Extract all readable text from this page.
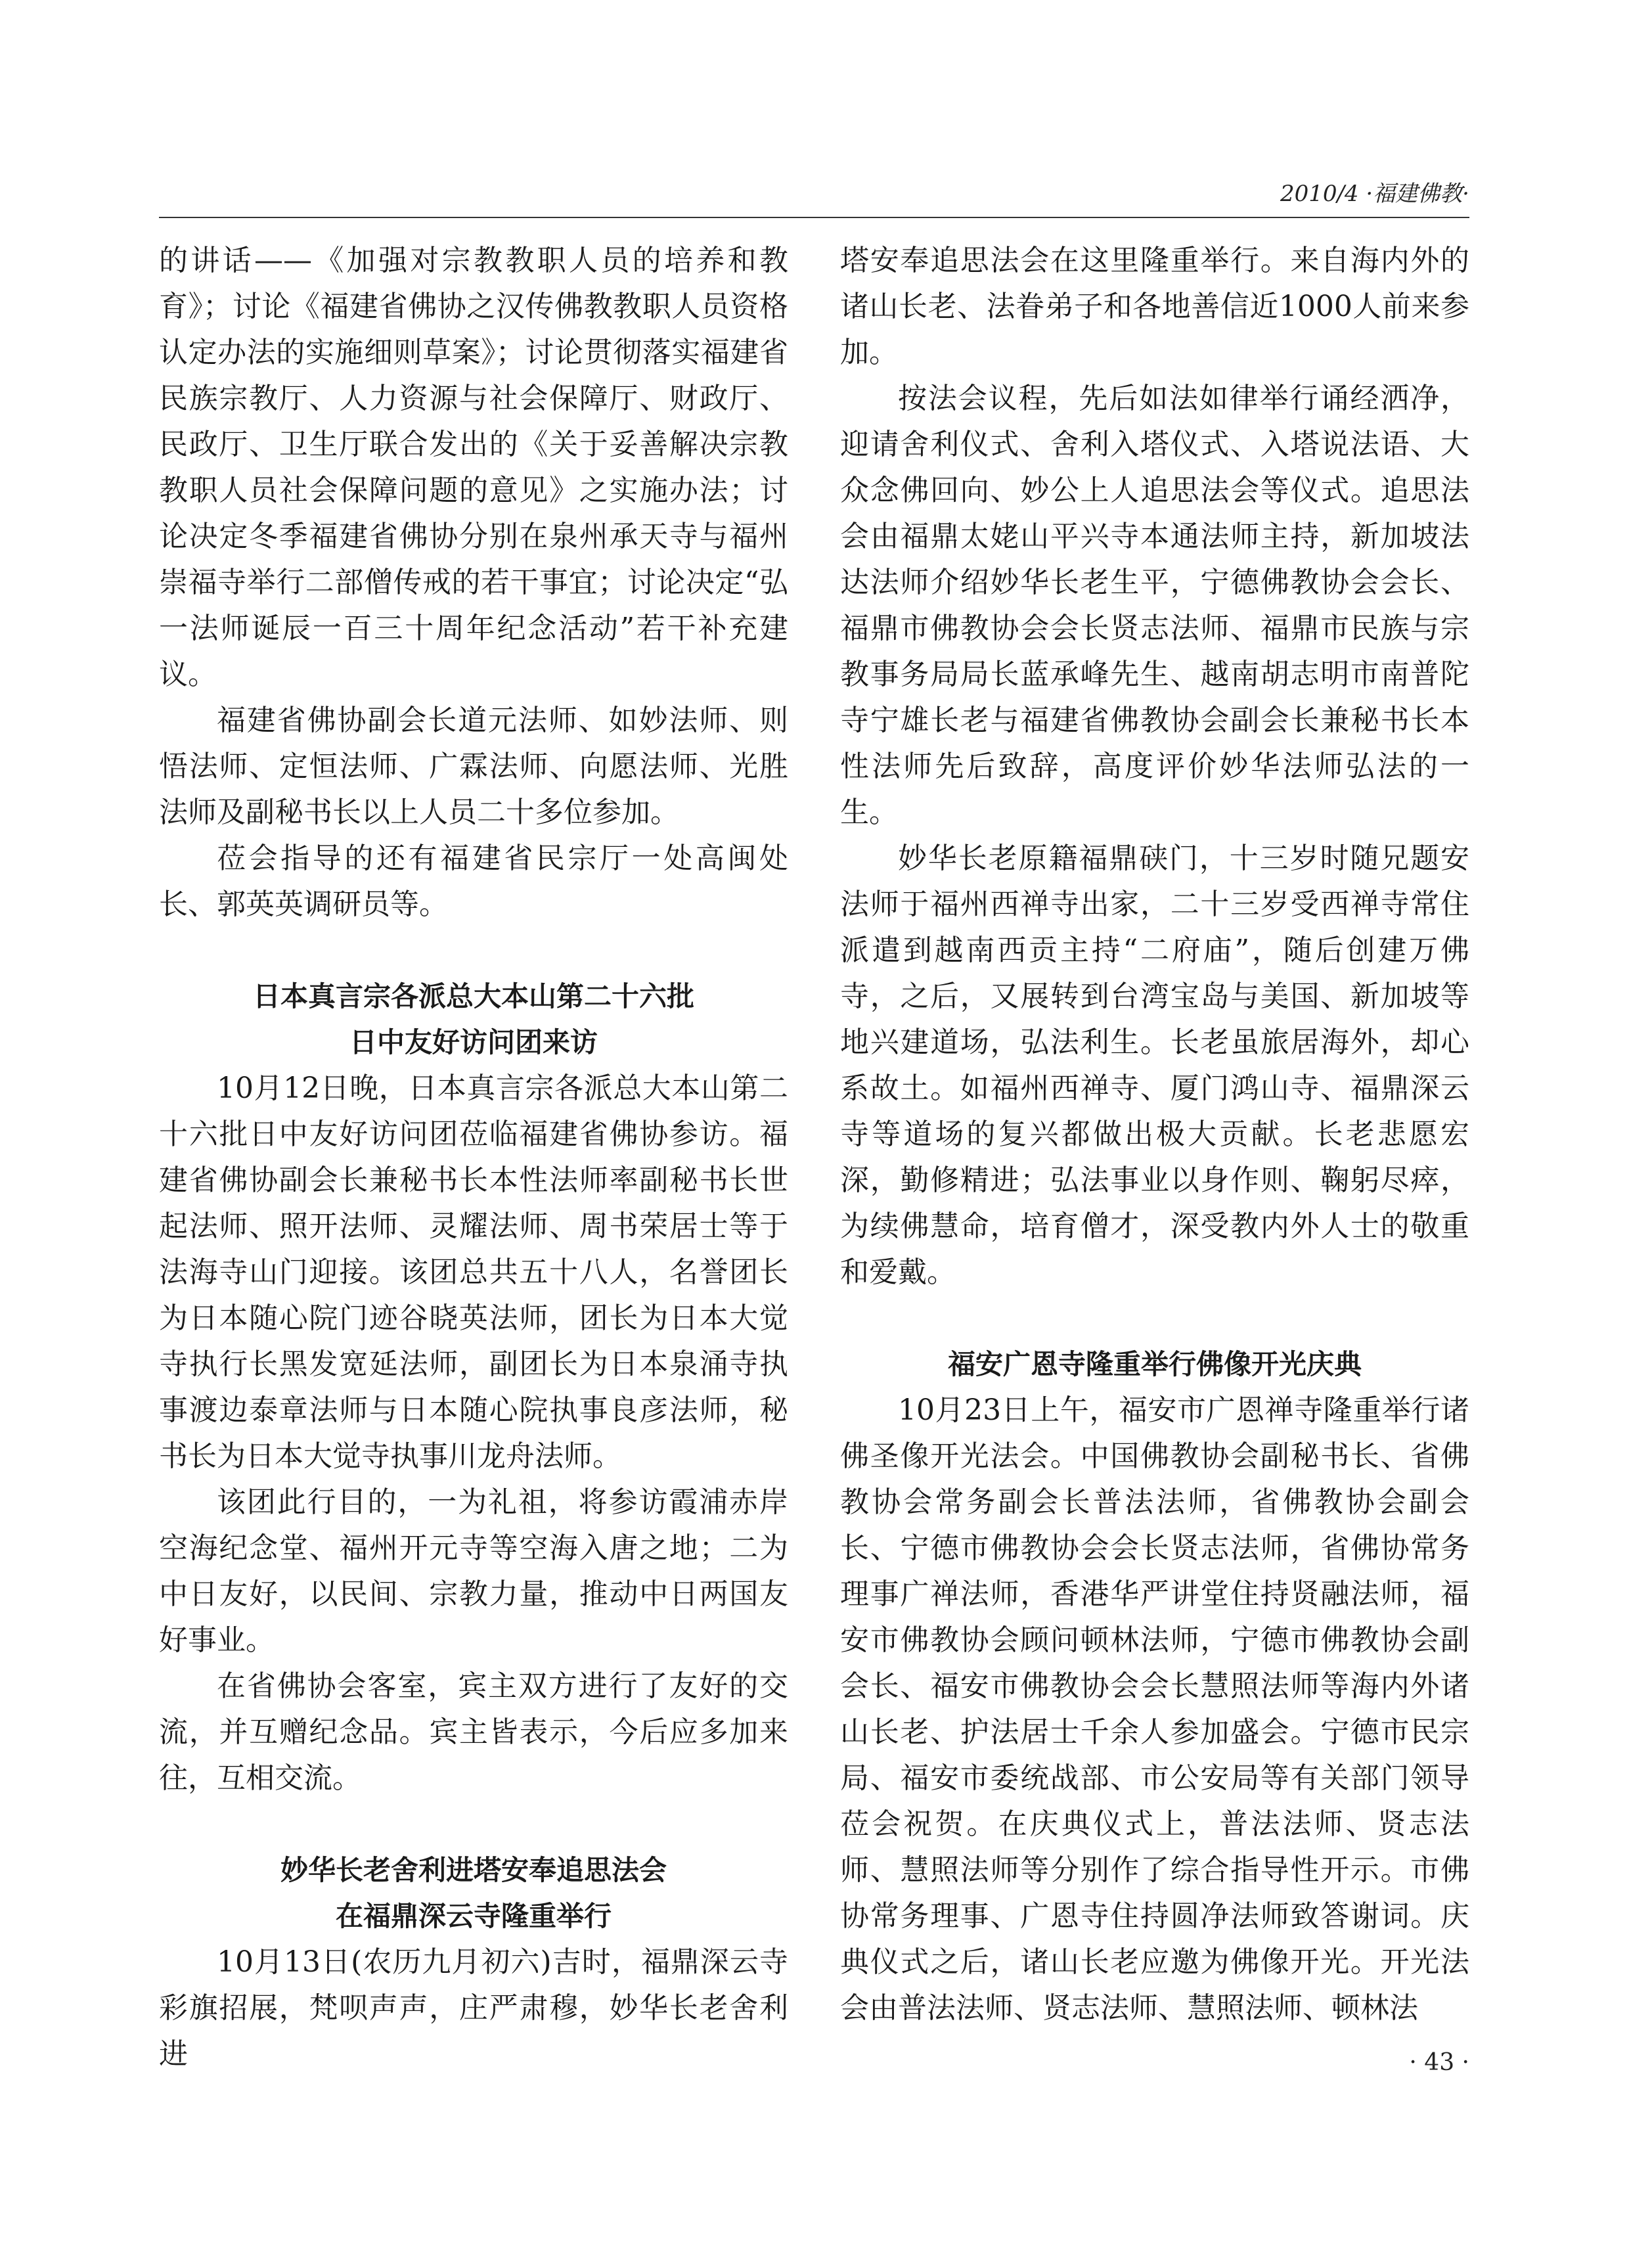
2010/4 ·福建佛教·

的讲话——《加强对宗教教职人员的培养和教育》；讨论《福建省佛协之汉传佛教教职人员资格认定办法的实施细则草案》；讨论贯彻落实福建省民族宗教厅、人力资源与社会保障厅、财政厅、民政厅、卫生厅联合发出的《关于妥善解决宗教教职人员社会保障问题的意见》之实施办法；讨论决定冬季福建省佛协分别在泉州承天寺与福州崇福寺举行二部僧传戒的若干事宜；讨论决定“弘一法师诞辰一百三十周年纪念活动”若干补充建议。

福建省佛协副会长道元法师、如妙法师、则悟法师、定恒法师、广霖法师、向愿法师、光胜法师及副秘书长以上人员二十多位参加。

莅会指导的还有福建省民宗厅一处高闽处长、郭英英调研员等。

日本真言宗各派总大本山第二十六批

日中友好访问团来访

10月12日晚，日本真言宗各派总大本山第二十六批日中友好访问团莅临福建省佛协参访。福建省佛协副会长兼秘书长本性法师率副秘书长世起法师、照开法师、灵耀法师、周书荣居士等于法海寺山门迎接。该团总共五十八人，名誉团长为日本随心院门迹谷晓英法师，团长为日本大觉寺执行长黑发宽延法师，副团长为日本泉涌寺执事渡边泰章法师与日本随心院执事良彦法师，秘书长为日本大觉寺执事川龙舟法师。

该团此行目的，一为礼祖，将参访霞浦赤岸空海纪念堂、福州开元寺等空海入唐之地；二为中日友好，以民间、宗教力量，推动中日两国友好事业。

在省佛协会客室，宾主双方进行了友好的交流，并互赠纪念品。宾主皆表示，今后应多加来往，互相交流。

妙华长老舍利进塔安奉追思法会

在福鼎深云寺隆重举行

10月13日(农历九月初六)吉时，福鼎深云寺彩旗招展，梵呗声声，庄严肃穆，妙华长老舍利进

塔安奉追思法会在这里隆重举行。来自海内外的诸山长老、法眷弟子和各地善信近1000人前来参加。

按法会议程，先后如法如律举行诵经洒净，迎请舍利仪式、舍利入塔仪式、入塔说法语、大众念佛回向、妙公上人追思法会等仪式。追思法会由福鼎太姥山平兴寺本通法师主持，新加坡法达法师介绍妙华长老生平，宁德佛教协会会长、福鼎市佛教协会会长贤志法师、福鼎市民族与宗教事务局局长蓝承峰先生、越南胡志明市南普陀寺宁雄长老与福建省佛教协会副会长兼秘书长本性法师先后致辞，高度评价妙华法师弘法的一生。

妙华长老原籍福鼎硖门，十三岁时随兄题安法师于福州西禅寺出家，二十三岁受西禅寺常住派遣到越南西贡主持“二府庙”，随后创建万佛寺，之后，又展转到台湾宝岛与美国、新加坡等地兴建道场，弘法利生。长老虽旅居海外，却心系故土。如福州西禅寺、厦门鸿山寺、福鼎深云寺等道场的复兴都做出极大贡献。长老悲愿宏深，勤修精进；弘法事业以身作则、鞠躬尽瘁，为续佛慧命，培育僧才，深受教内外人士的敬重和爱戴。

福安广恩寺隆重举行佛像开光庆典

10月23日上午，福安市广恩禅寺隆重举行诸佛圣像开光法会。中国佛教协会副秘书长、省佛教协会常务副会长普法法师，省佛教协会副会长、宁德市佛教协会会长贤志法师，省佛协常务理事广禅法师，香港华严讲堂住持贤融法师，福安市佛教协会顾问顿林法师，宁德市佛教协会副会长、福安市佛教协会会长慧照法师等海内外诸山长老、护法居士千余人参加盛会。宁德市民宗局、福安市委统战部、市公安局等有关部门领导莅会祝贺。在庆典仪式上，普法法师、贤志法师、慧照法师等分别作了综合指导性开示。市佛协常务理事、广恩寺住持圆净法师致答谢词。庆典仪式之后，诸山长老应邀为佛像开光。开光法会由普法法师、贤志法师、慧照法师、顿林法

· 43 ·
